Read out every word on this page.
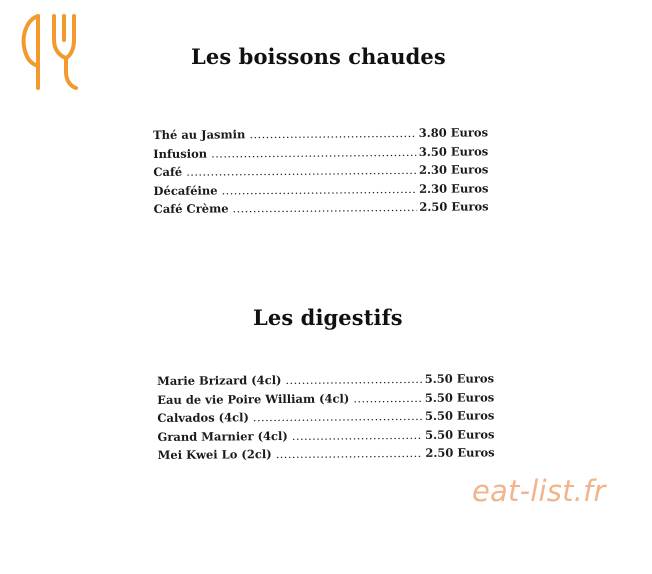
Les boissons chaudes
Thé au Jasmin .....	3.80 Euros
Infusion .....	3.50 Euros
Café .....	2.30 Euros
Décaféine .....	2.30 Euros
Café Crème .....	2.50 Euros
Les digestifs
Marie Brizard (4cl) .....	5.50 Euros
Eau de vie Poire William (4cl) .....	5.50 Euros
Calvados (4cl) .....	5.50 Euros
Grand Marnier (4cl) .....	5.50 Euros
Mei Kwei Lo (2cl) .....	2.50 Euros
eat-list.fr
